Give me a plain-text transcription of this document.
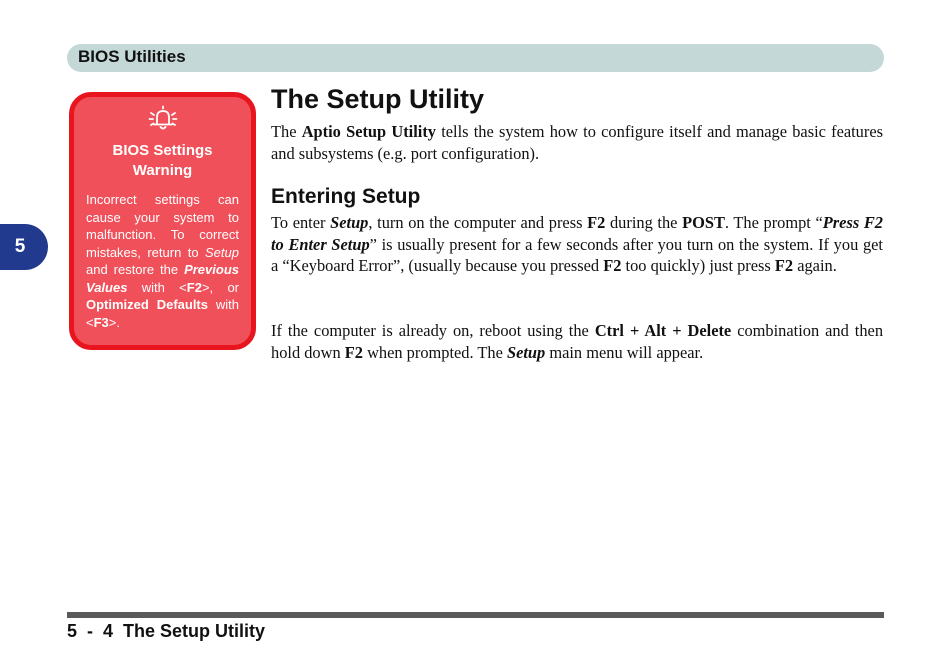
BIOS Utilities
5
BIOS Settings
Warning
Incorrect settings can cause your system to malfunction. To correct mistakes, return to Setup and restore the Previous Values with <F2>, or Optimized Defaults with <F3>.
The Setup Utility

The Aptio Setup Utility tells the system how to configure itself and manage basic features and subsystems (e.g. port configuration).

Entering Setup

To enter Setup, turn on the computer and press F2 during the POST. The prompt “Press F2 to Enter Setup” is usually present for a few seconds after you turn on the system. If you get a “Keyboard Error”, (usually because you pressed F2 too quickly) just press F2 again.

If the computer is already on, reboot using the Ctrl + Alt + Delete combination and then hold down F2 when prompted. The Setup main menu will appear.

5  -  4  The Setup Utility
